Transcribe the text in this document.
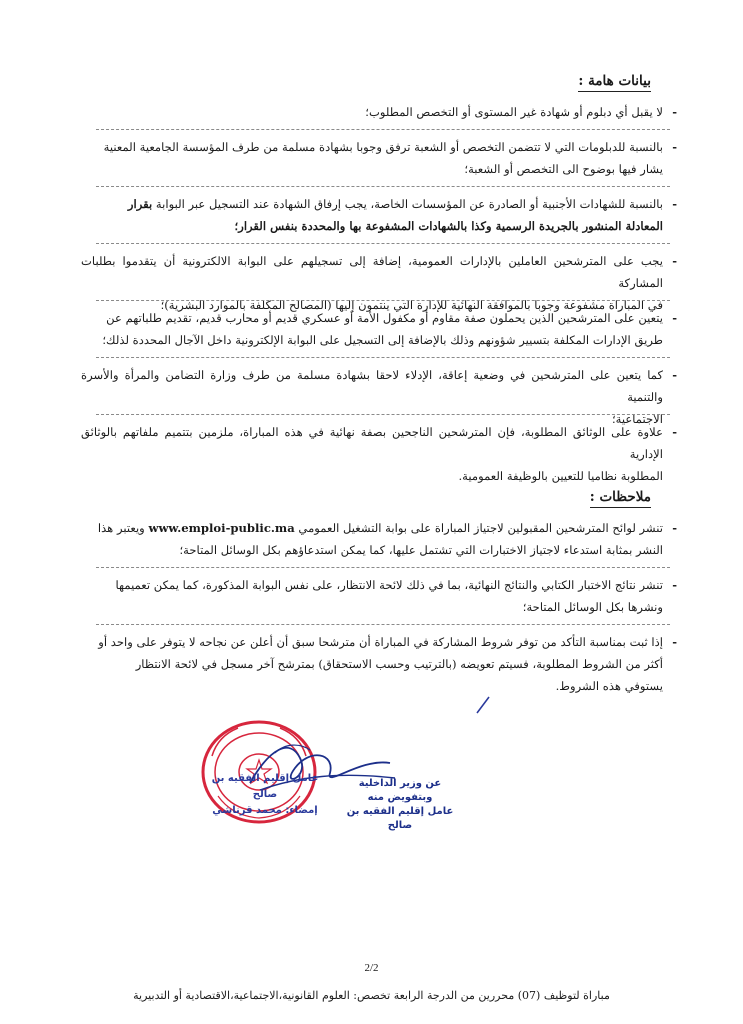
بيانات هامة :
-
لا يقبل أي دبلوم أو شهادة غير المستوى أو التخصص المطلوب؛
-
بالنسبة للدبلومات التي لا تتضمن التخصص أو الشعبة ترفق وجوبا بشهادة مسلمة من طرف المؤسسة الجامعية المعنية
يشار فيها بوضوح الى التخصص أو الشعبة؛
-
بالنسبة للشهادات الأجنبية أو الصادرة عن المؤسسات الخاصة، يجب إرفاق الشهادة عند التسجيل عبر البوابة بقرار
المعادلة المنشور بالجريدة الرسمية وكذا بالشهادات المشفوعة بها والمحددة بنفس القرار؛
-
يجب على المترشحين العاملين بالإدارات العمومية، إضافة إلى تسجيلهم على البوابة الالكترونية أن يتقدموا بطلبات المشاركة
في المباراة مشفوعة وجوبا بالموافقة النهائية للإدارة التي ينتمون إليها (المصالح المكلفة بالموارد البشرية)؛
-
يتعين على المترشحين الذين يحملون صفة مقاوم أو مكفول الأمة أو عسكري قديم أو محارب قديم، تقديم طلباتهم عن
طريق الإدارات المكلفة بتسيير شؤونهم وذلك بالإضافة إلى التسجيل على البوابة الإلكترونية داخل الآجال المحددة لذلك؛
-
كما يتعين على المترشحين في وضعية إعاقة، الإدلاء لاحقا بشهادة مسلمة من طرف وزارة التضامن والمرأة والأسرة والتنمية
الاجتماعية؛
-
علاوة على الوثائق المطلوبة، فإن المترشحين الناجحين بصفة نهائية في هذه المباراة، ملزمين بتتميم ملفاتهم بالوثائق الإدارية
المطلوبة نظاميا للتعيين بالوظيفة العمومية.
ملاحظات :
-
تنشر لوائح المترشحين المقبولين لاجتياز المباراة على بوابة التشغيل العمومي www.emploi-public.ma ويعتبر هذا
النشر بمثابة استدعاء لاجتياز الاختبارات التي تشتمل عليها، كما يمكن استدعاؤهم بكل الوسائل المتاحة؛
-
تنشر نتائج الاختبار الكتابي والنتائج النهائية، بما في ذلك لائحة الانتظار، على نفس البوابة المذكورة، كما يمكن تعميمها
ونشرها بكل الوسائل المتاحة؛
-
إذا ثبت بمناسبة التأكد من توفر شروط المشاركة في المباراة أن مترشحا سبق أن أعلن عن نجاحه لا يتوفر على واحد أو
أكثر من الشروط المطلوبة، فسيتم تعويضه (بالترتيب وحسب الاستحقاق) بمترشح آخر مسجل في لائحة الانتظار
يستوفي هذه الشروط.
عامل إقليم الفقيه بن صالح
إمضاء: محمد قرناشي
عن وزير الداخلية
وبتفويض منه
عامل إقليم الفقيه بن صالح
2/2
مباراة لتوظيف (07) محررين من الدرجة الرابعة تخصص: العلوم القانونية،الاجتماعية،الاقتصادية أو التدبيرية
